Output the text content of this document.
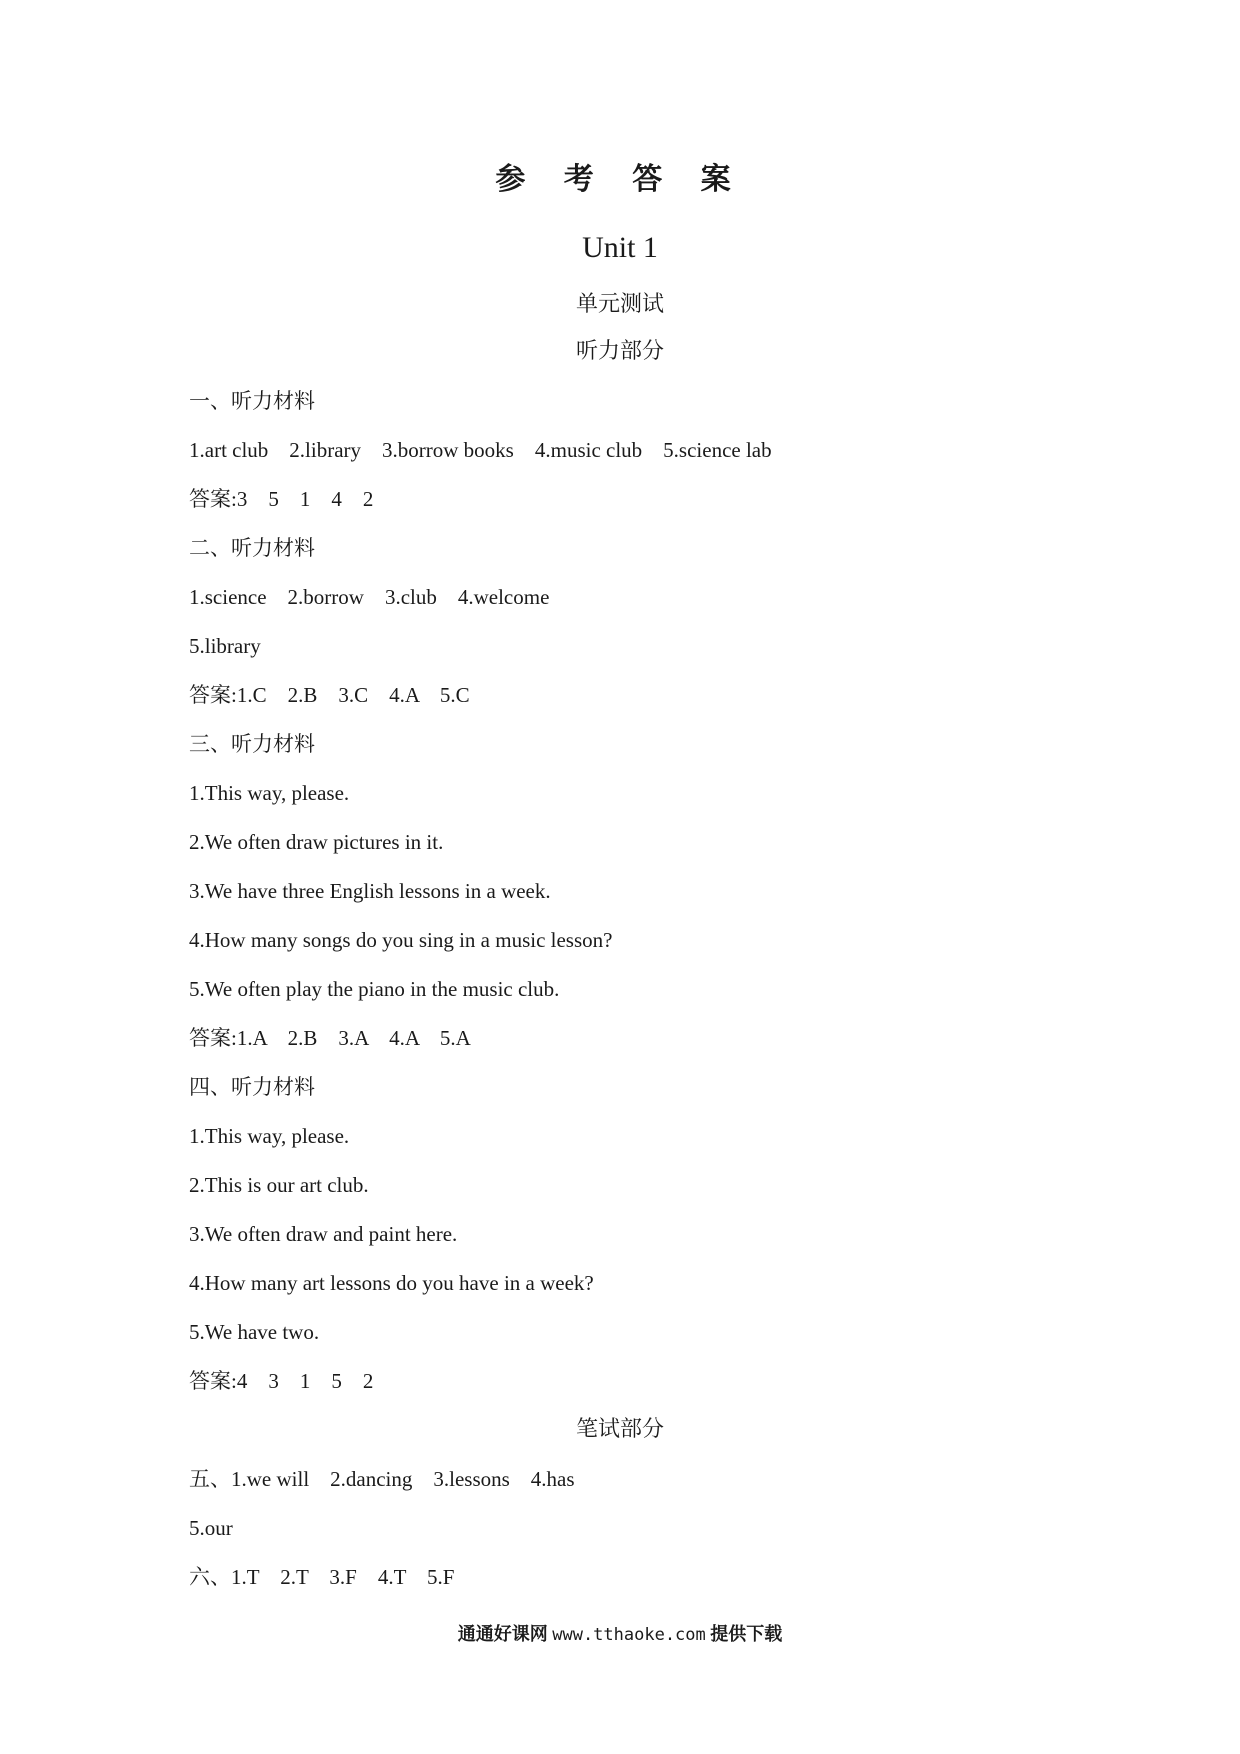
参 考 答 案
Unit 1
单元测试
听力部分
一、听力材料
1.art club　2.library　3.borrow books　4.music club　5.science lab
答案:3　5　1　4　2
二、听力材料
1.science　2.borrow　3.club　4.welcome
5.library
答案:1.C　2.B　3.C　4.A　5.C
三、听力材料
1.This way, please.
2.We often draw pictures in it.
3.We have three English lessons in a week.
4.How many songs do you sing in a music lesson?
5.We often play the piano in the music club.
答案:1.A　2.B　3.A　4.A　5.A
四、听力材料
1.This way, please.
2.This is our art club.
3.We often draw and paint here.
4.How many art lessons do you have in a week?
5.We have two.
答案:4　3　1　5　2
笔试部分
五、1.we will　2.dancing　3.lessons　4.has
5.our
六、1.T　2.T　3.F　4.T　5.F
通通好课网 www.tthaoke.com 提供下载
